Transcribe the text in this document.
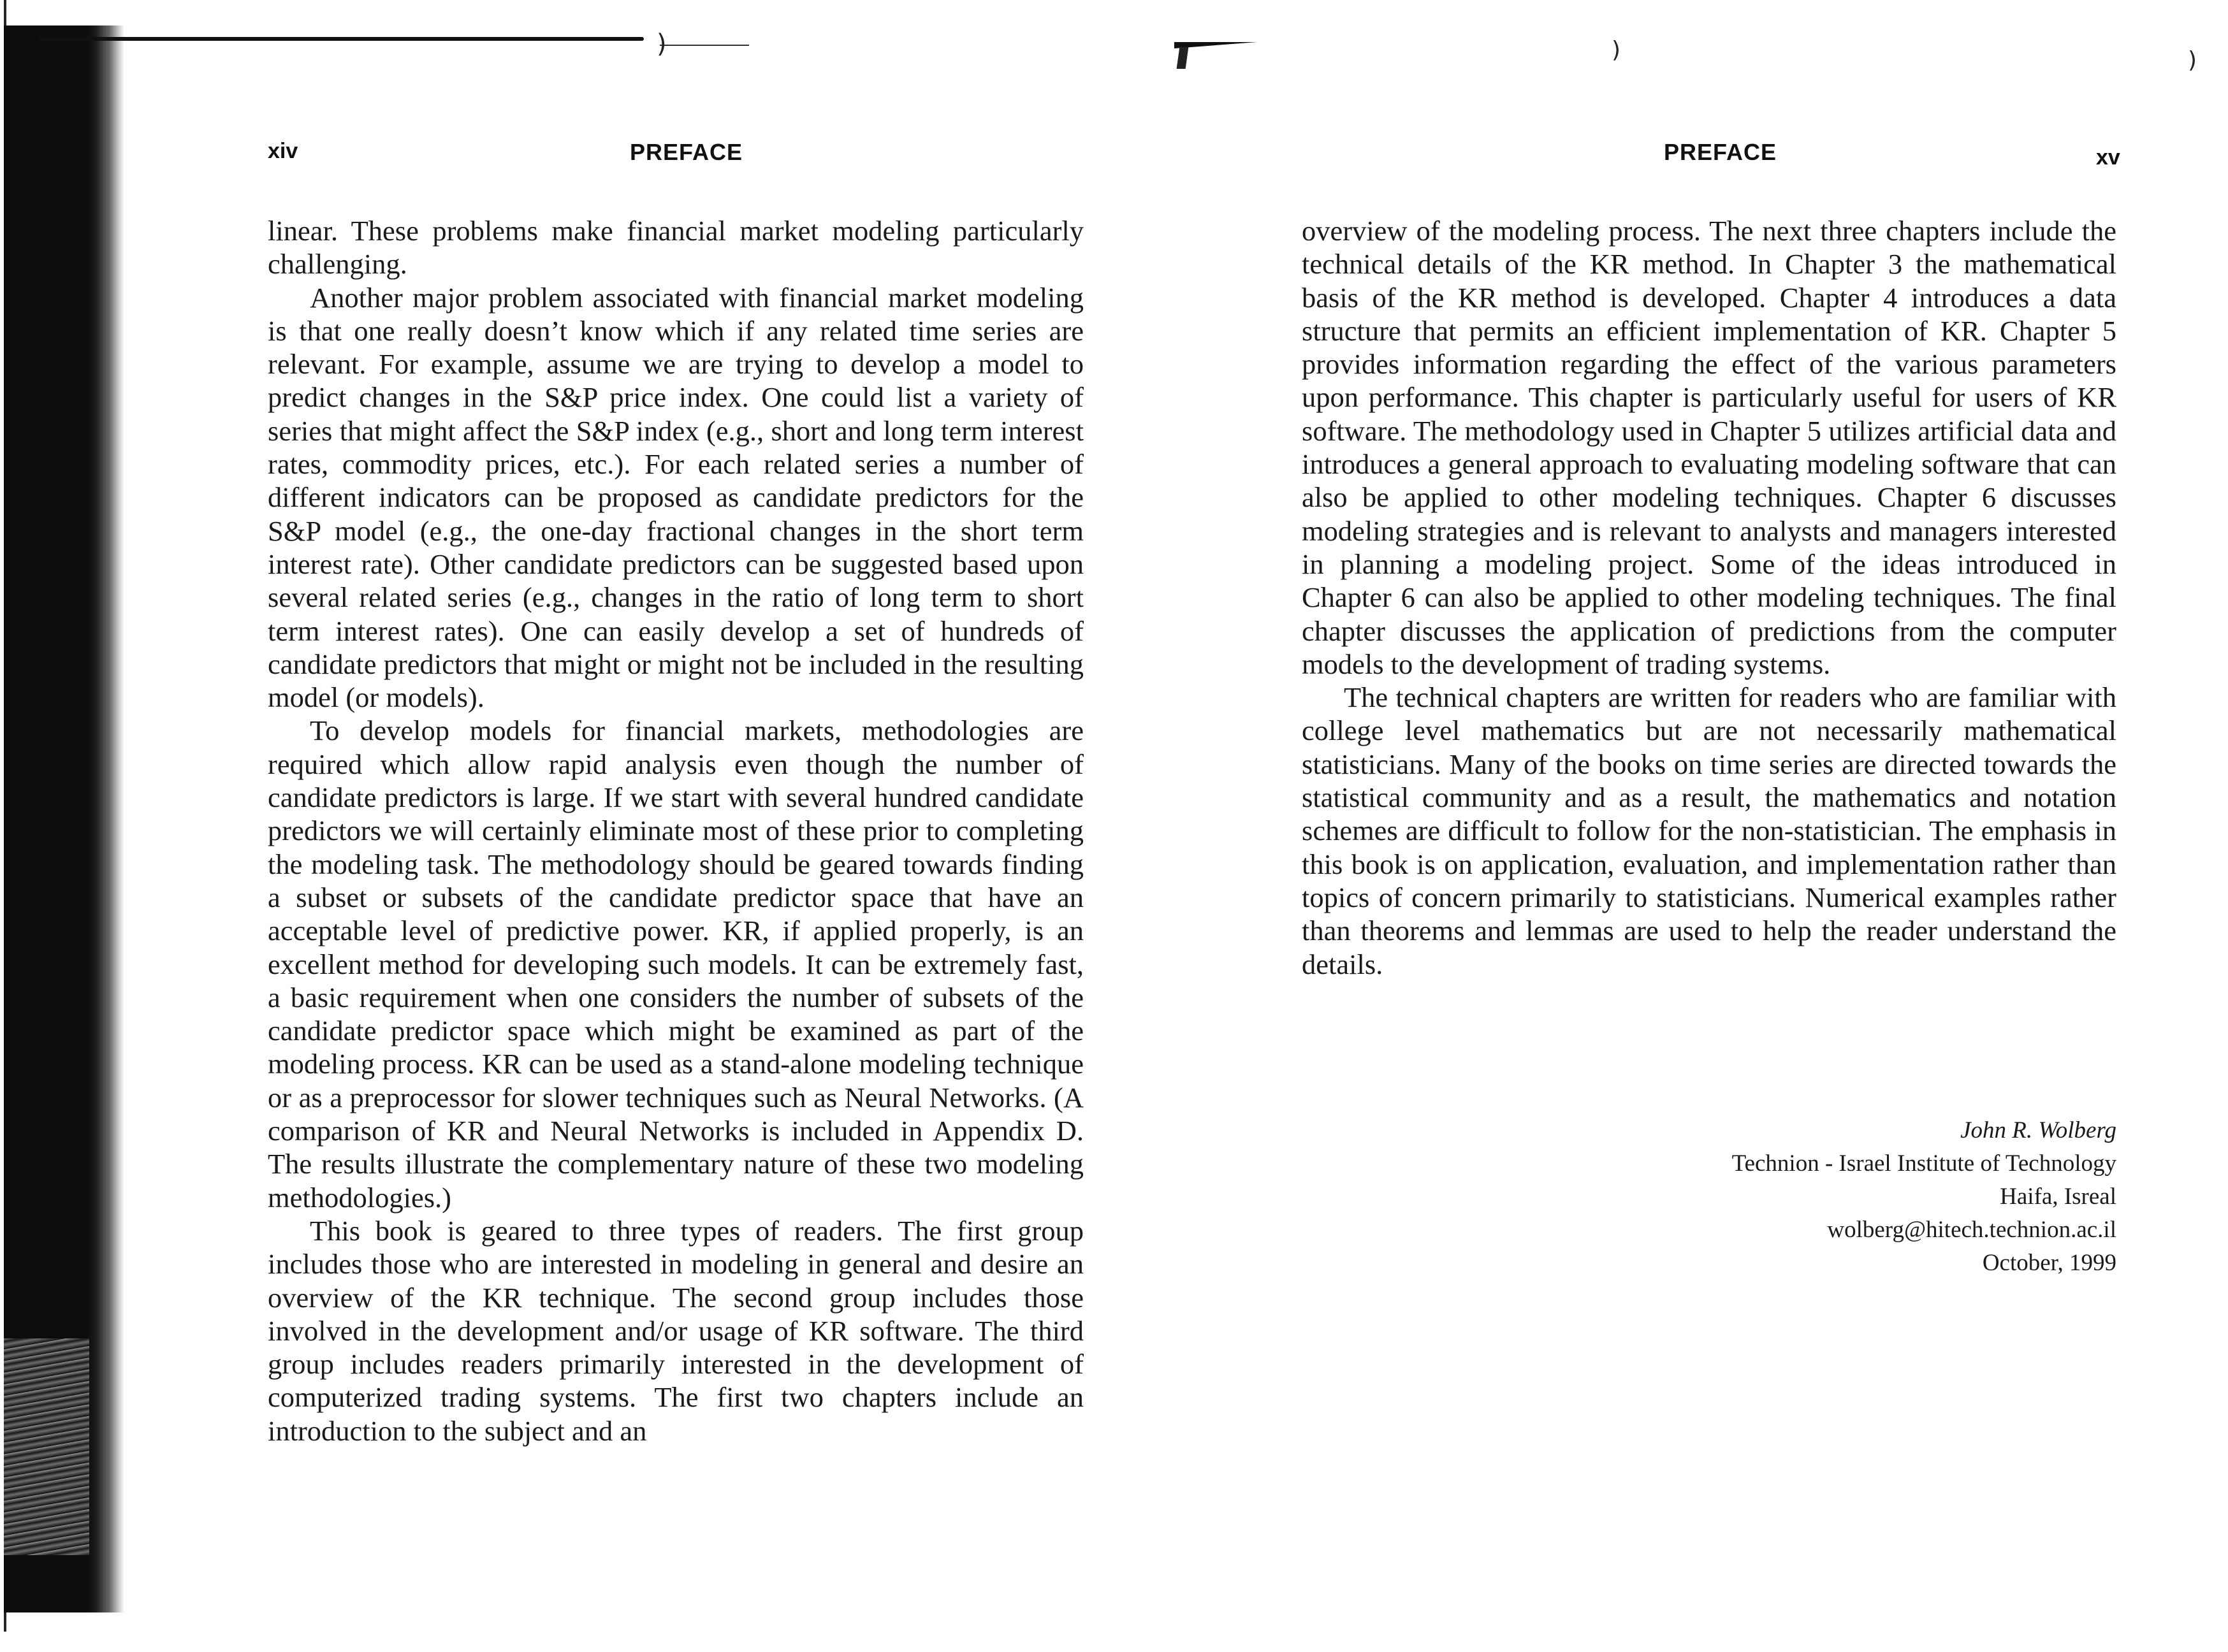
)	)	)
xiv	PREFACE

linear. These problems make financial market modeling particularly challenging.

Another major problem associated with financial market modeling is that one really doesn’t know which if any related time series are relevant. For example, assume we are trying to develop a model to predict changes in the S&P price index. One could list a variety of series that might affect the S&P index (e.g., short and long term interest rates, commodity prices, etc.). For each related series a number of different indicators can be proposed as candidate predictors for the S&P model (e.g., the one-day fractional changes in the short term interest rate). Other candidate predictors can be suggested based upon several related series (e.g., changes in the ratio of long term to short term interest rates). One can easily develop a set of hundreds of candidate predictors that might or might not be included in the resulting model (or models).

To develop models for financial markets, methodologies are required which allow rapid analysis even though the number of candidate predictors is large. If we start with several hundred candidate predictors we will certainly eliminate most of these prior to completing the modeling task. The methodology should be geared towards finding a subset or subsets of the candidate predictor space that have an acceptable level of predictive power. KR, if applied properly, is an excellent method for developing such models. It can be extremely fast, a basic requirement when one considers the number of subsets of the candidate predictor space which might be examined as part of the modeling process. KR can be used as a stand-alone modeling technique or as a preprocessor for slower techniques such as Neural Networks. (A comparison of KR and Neural Networks is included in Appendix D. The results illustrate the complementary nature of these two modeling methodologies.)

This book is geared to three types of readers. The first group includes those who are interested in modeling in general and desire an overview of the KR technique. The second group includes those involved in the development and/or usage of KR software. The third group includes readers primarily interested in the development of computerized trading systems. The first two chapters include an introduction to the subject and an

PREFACE	xv

overview of the modeling process. The next three chapters include the technical details of the KR method. In Chapter 3 the mathematical basis of the KR method is developed. Chapter 4 introduces a data structure that permits an efficient implementation of KR. Chapter 5 provides information regarding the effect of the various parameters upon performance. This chapter is particularly useful for users of KR software. The methodology used in Chapter 5 utilizes artificial data and introduces a general approach to evaluating modeling software that can also be applied to other modeling techniques. Chapter 6 discusses modeling strategies and is relevant to analysts and managers interested in planning a modeling project. Some of the ideas introduced in Chapter 6 can also be applied to other modeling techniques. The final chapter discusses the application of predictions from the computer models to the development of trading systems.

The technical chapters are written for readers who are familiar with college level mathematics but are not necessarily mathematical statisticians. Many of the books on time series are directed towards the statistical community and as a result, the mathematics and notation schemes are difficult to follow for the non-statistician. The emphasis in this book is on application, evaluation, and implementation rather than topics of concern primarily to statisticians. Numerical examples rather than theorems and lemmas are used to help the reader understand the details.

John R. Wolberg
Technion - Israel Institute of Technology
Haifa, Isreal
wolberg@hitech.technion.ac.il
October, 1999
